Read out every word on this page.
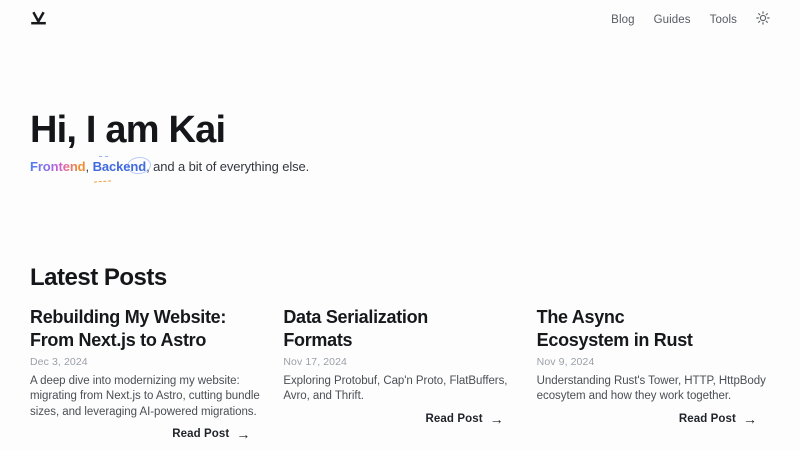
Blog Guides Tools
Hi, I am Kai

Frontend, Backend
, and a bit of everything else.

Latest Posts
Rebuilding My Website:
From Next.js to Astro
Dec 3, 2024

A deep dive into modernizing my website: migrating from Next.js to Astro, cutting bundle sizes, and leveraging AI-powered migrations.

Read Post →
Data Serialization
Formats
Nov 17, 2024

Exploring Protobuf, Cap'n Proto, FlatBuffers, Avro, and Thrift.

Read Post →
The Async
Ecosystem in Rust
Nov 9, 2024

Understanding Rust's Tower, HTTP, HttpBody ecosytem and how they work together.

Read Post →
